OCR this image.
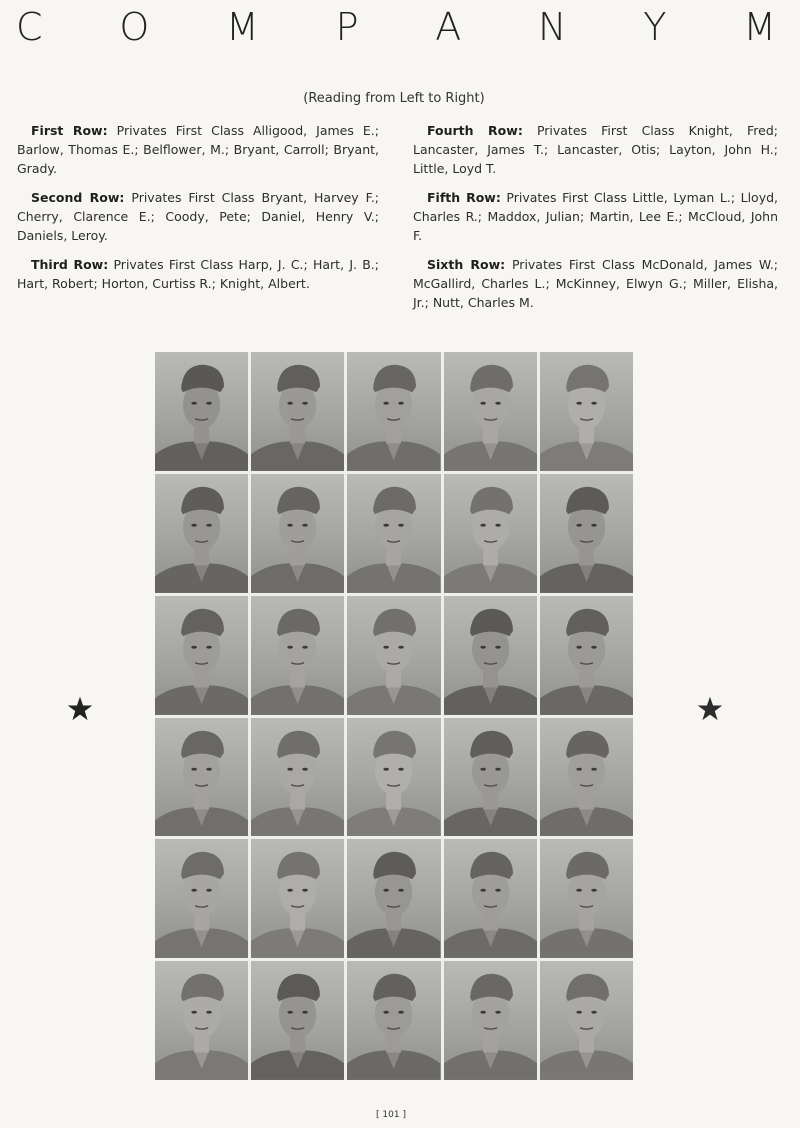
C O M P A N Y M
(Reading from Left to Right)

First Row: Privates First Class Alligood, James E.; Barlow, Thomas E.; Belflower, M.; Bryant, Carroll; Bryant, Grady.

Second Row: Privates First Class Bryant, Harvey F.; Cherry, Clarence E.; Coody, Pete; Daniel, Henry V.; Daniels, Leroy.

Third Row: Privates First Class Harp, J. C.; Hart, J. B.; Hart, Robert; Horton, Curtiss R.; Knight, Albert.

Fourth Row: Privates First Class Knight, Fred; Lancaster, James T.; Lancaster, Otis; Layton, John H.; Little, Loyd T.

Fifth Row: Privates First Class Little, Lyman L.; Lloyd, Charles R.; Maddox, Julian; Martin, Lee E.; McCloud, John F.

Sixth Row: Privates First Class McDonald, James W.; McGallird, Charles L.; McKinney, Elwyn G.; Miller, Elisha, Jr.; Nutt, Charles M.

[ 101 ]
